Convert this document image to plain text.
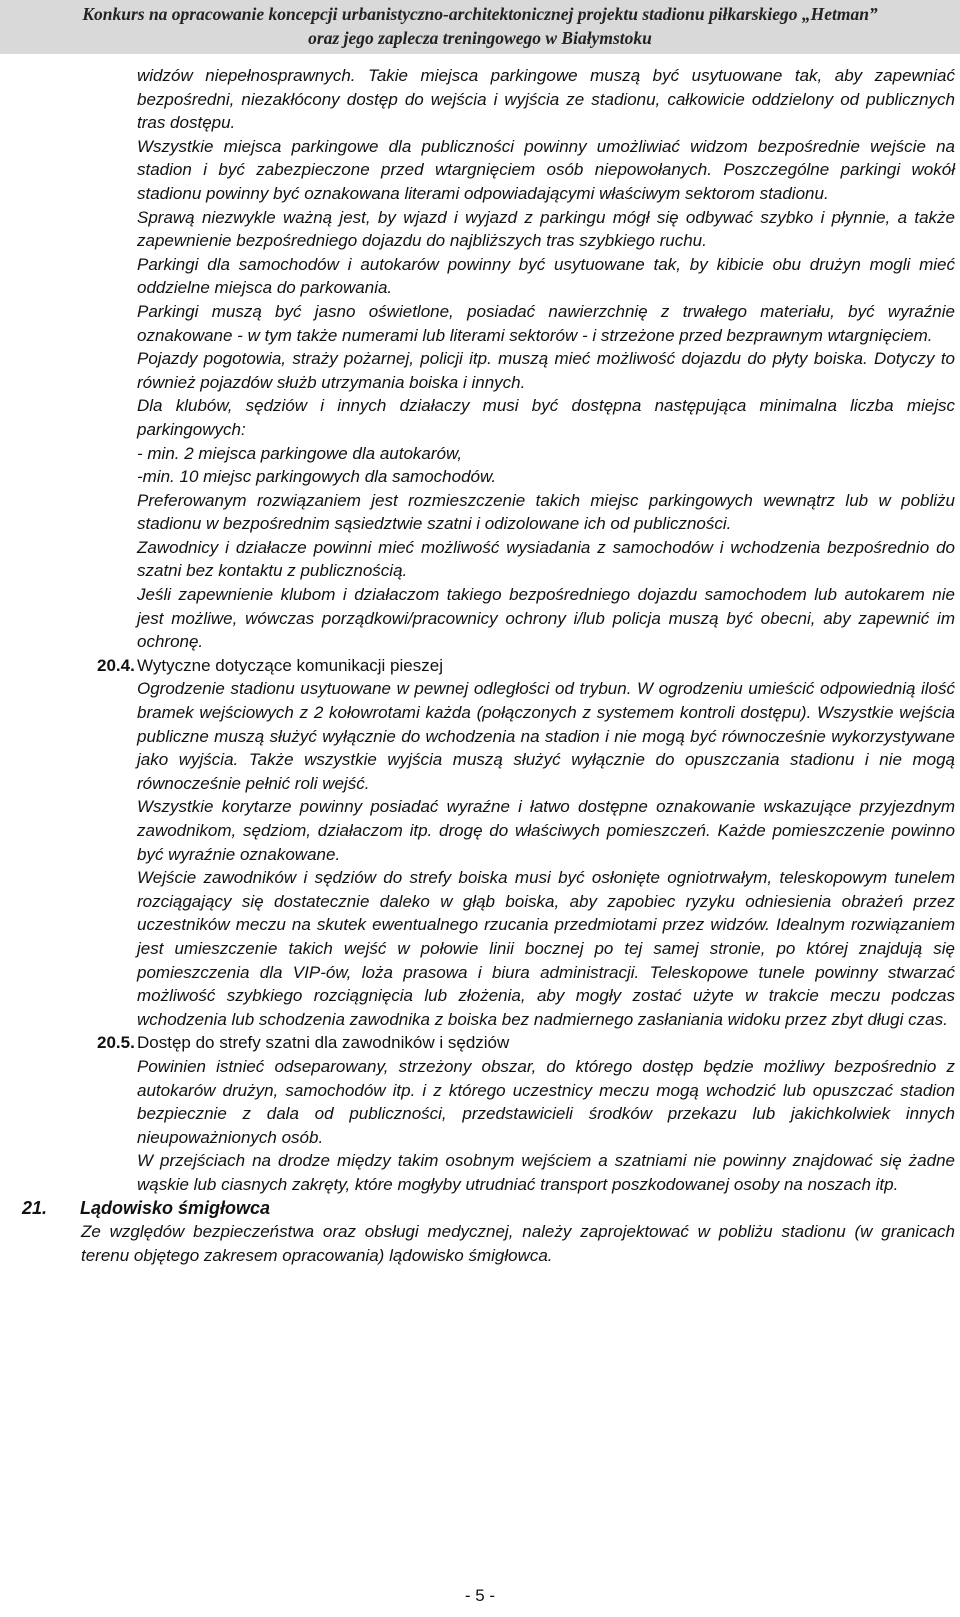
Konkurs na opracowanie koncepcji urbanistyczno-architektonicznej projektu stadionu piłkarskiego „Hetman”
oraz jego zaplecza treningowego w Białymstoku

widzów niepełnosprawnych. Takie miejsca parkingowe muszą być usytuowane tak, aby zapewniać bezpośredni, niezakłócony dostęp do wejścia i wyjścia ze stadionu, całkowicie oddzielony od publicznych tras dostępu.

Wszystkie miejsca parkingowe dla publiczności powinny umożliwiać widzom bezpośrednie wejście na stadion i być zabezpieczone przed wtargnięciem osób niepowołanych. Poszczególne parkingi wokół stadionu powinny być oznakowana literami odpowiadającymi właściwym sektorom stadionu.

Sprawą niezwykle ważną jest, by wjazd i wyjazd z parkingu mógł się odbywać szybko i płynnie, a także zapewnienie bezpośredniego dojazdu do najbliższych tras szybkiego ruchu.

Parkingi dla samochodów i autokarów powinny być usytuowane tak, by kibicie obu drużyn mogli mieć oddzielne miejsca do parkowania.

Parkingi muszą być jasno oświetlone, posiadać nawierzchnię z trwałego materiału, być wyraźnie oznakowane - w tym także numerami lub literami sektorów - i strzeżone przed bezprawnym wtargnięciem.

Pojazdy pogotowia, straży pożarnej, policji itp. muszą mieć możliwość dojazdu do płyty boiska. Dotyczy to również pojazdów służb utrzymania boiska i innych.

Dla klubów, sędziów i innych działaczy musi być dostępna następująca minimalna liczba miejsc parkingowych:

- min. 2 miejsca parkingowe dla autokarów,

-min. 10 miejsc parkingowych dla samochodów.

Preferowanym rozwiązaniem jest rozmieszczenie takich miejsc parkingowych wewnątrz lub w pobliżu stadionu w bezpośrednim sąsiedztwie szatni i odizolowane ich od publiczności.

Zawodnicy i działacze powinni mieć możliwość wysiadania z samochodów i wchodzenia bezpośrednio do szatni bez kontaktu z publicznością.

Jeśli zapewnienie klubom i działaczom takiego bezpośredniego dojazdu samochodem lub autokarem nie jest możliwe, wówczas porządkowi/pracownicy ochrony i/lub policja muszą być obecni, aby zapewnić im ochronę.

20.4. Wytyczne dotyczące komunikacji pieszej

Ogrodzenie stadionu usytuowane w pewnej odległości od trybun. W ogrodzeniu umieścić odpowiednią ilość bramek wejściowych z 2 kołowrotami każda (połączonych z systemem kontroli dostępu). Wszystkie wejścia publiczne muszą służyć wyłącznie do wchodzenia na stadion i nie mogą być równocześnie wykorzystywane jako wyjścia. Także wszystkie wyjścia muszą służyć wyłącznie do opuszczania stadionu i nie mogą równocześnie pełnić roli wejść.

Wszystkie korytarze powinny posiadać wyraźne i łatwo dostępne oznakowanie wskazujące przyjezdnym zawodnikom, sędziom, działaczom itp. drogę do właściwych pomieszczeń. Każde pomieszczenie powinno być wyraźnie oznakowane.

Wejście zawodników i sędziów do strefy boiska musi być osłonięte ogniotrwałym, teleskopowym tunelem rozciągający się dostatecznie daleko w głąb boiska, aby zapobiec ryzyku odniesienia obrażeń przez uczestników meczu na skutek ewentualnego rzucania przedmiotami przez widzów. Idealnym rozwiązaniem jest umieszczenie takich wejść w połowie linii bocznej po tej samej stronie, po której znajdują się pomieszczenia dla VIP-ów, loża prasowa i biura administracji. Teleskopowe tunele powinny stwarzać możliwość szybkiego rozciągnięcia lub złożenia, aby mogły zostać użyte w trakcie meczu podczas wchodzenia lub schodzenia zawodnika z boiska bez nadmiernego zasłaniania widoku przez zbyt długi czas.

20.5. Dostęp do strefy szatni dla zawodników i sędziów

Powinien istnieć odseparowany, strzeżony obszar, do którego dostęp będzie możliwy bezpośrednio z autokarów drużyn, samochodów itp. i z którego uczestnicy meczu mogą wchodzić lub opuszczać stadion bezpiecznie z dala od publiczności, przedstawicieli środków przekazu lub jakichkolwiek innych nieupoważnionych osób.

W przejściach na drodze między takim osobnym wejściem a szatniami nie powinny znajdować się żadne wąskie lub ciasnych zakręty, które mogłyby utrudniać transport poszkodowanej osoby na noszach itp.

21. Lądowisko śmigłowca

Ze względów bezpieczeństwa oraz obsługi medycznej, należy zaprojektować w pobliżu stadionu (w granicach terenu objętego zakresem opracowania) lądowisko śmigłowca.

- 5 -
